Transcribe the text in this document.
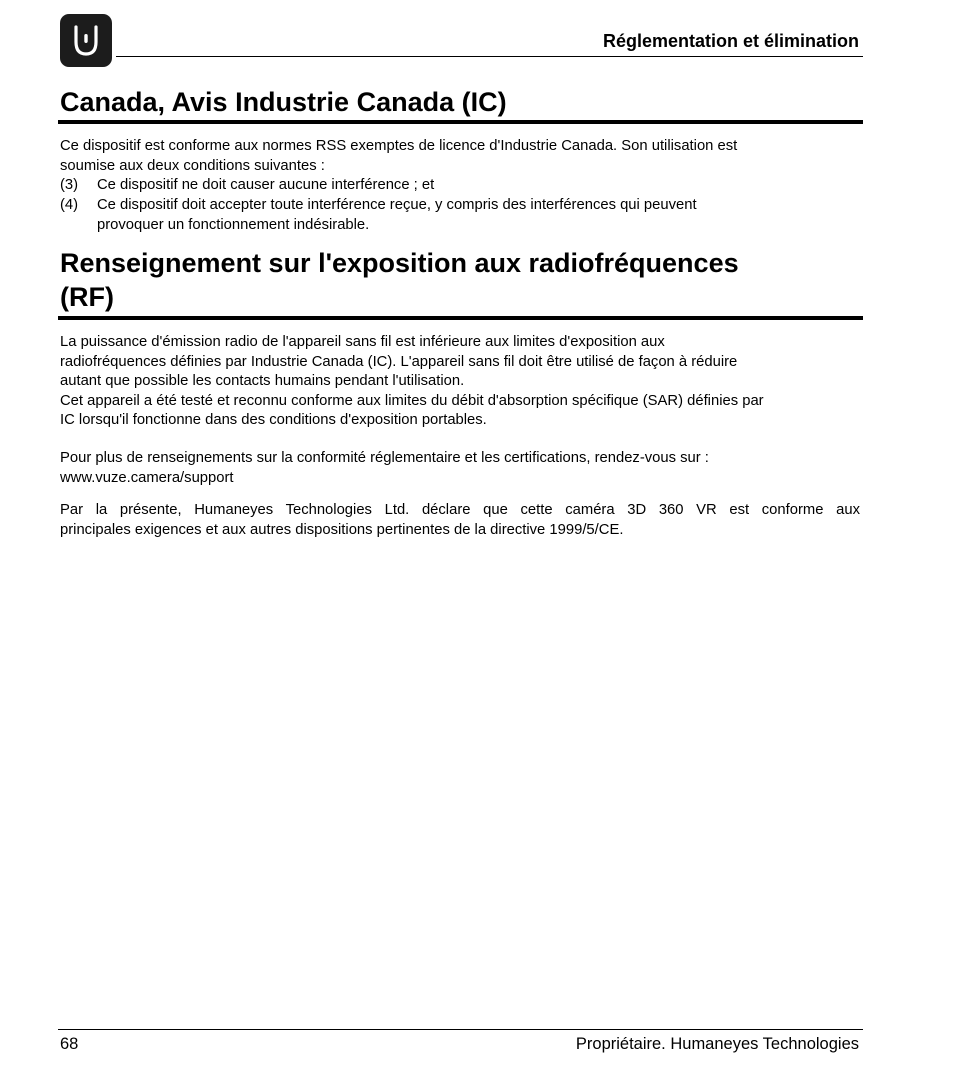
Réglementation et élimination
Canada, Avis Industrie Canada (IC)

Ce dispositif est conforme aux normes RSS exemptes de licence d'Industrie Canada. Son utilisation est

soumise aux deux conditions suivantes :

(3) Ce dispositif ne doit causer aucune interférence ; et
(4) Ce dispositif doit accepter toute interférence reçue, y compris des interférences qui peuvent
provoquer un fonctionnement indésirable.
Renseignement sur l'exposition aux radiofréquences
(RF)

La puissance d'émission radio de l'appareil sans fil est inférieure aux limites d'exposition aux

radiofréquences définies par Industrie Canada (IC). L'appareil sans fil doit être utilisé de façon à réduire

autant que possible les contacts humains pendant l'utilisation.

Cet appareil a été testé et reconnu conforme aux limites du débit d'absorption spécifique (SAR) définies par

IC lorsqu'il fonctionne dans des conditions d'exposition portables.

Pour plus de renseignements sur la conformité réglementaire et les certifications, rendez-vous sur :

www.vuze.camera/support

Par la présente, Humaneyes Technologies Ltd. déclare que cette caméra 3D 360 VR est conforme aux

principales exigences et aux autres dispositions pertinentes de la directive 1999/5/CE.

68	Propriétaire. Humaneyes Technologies
